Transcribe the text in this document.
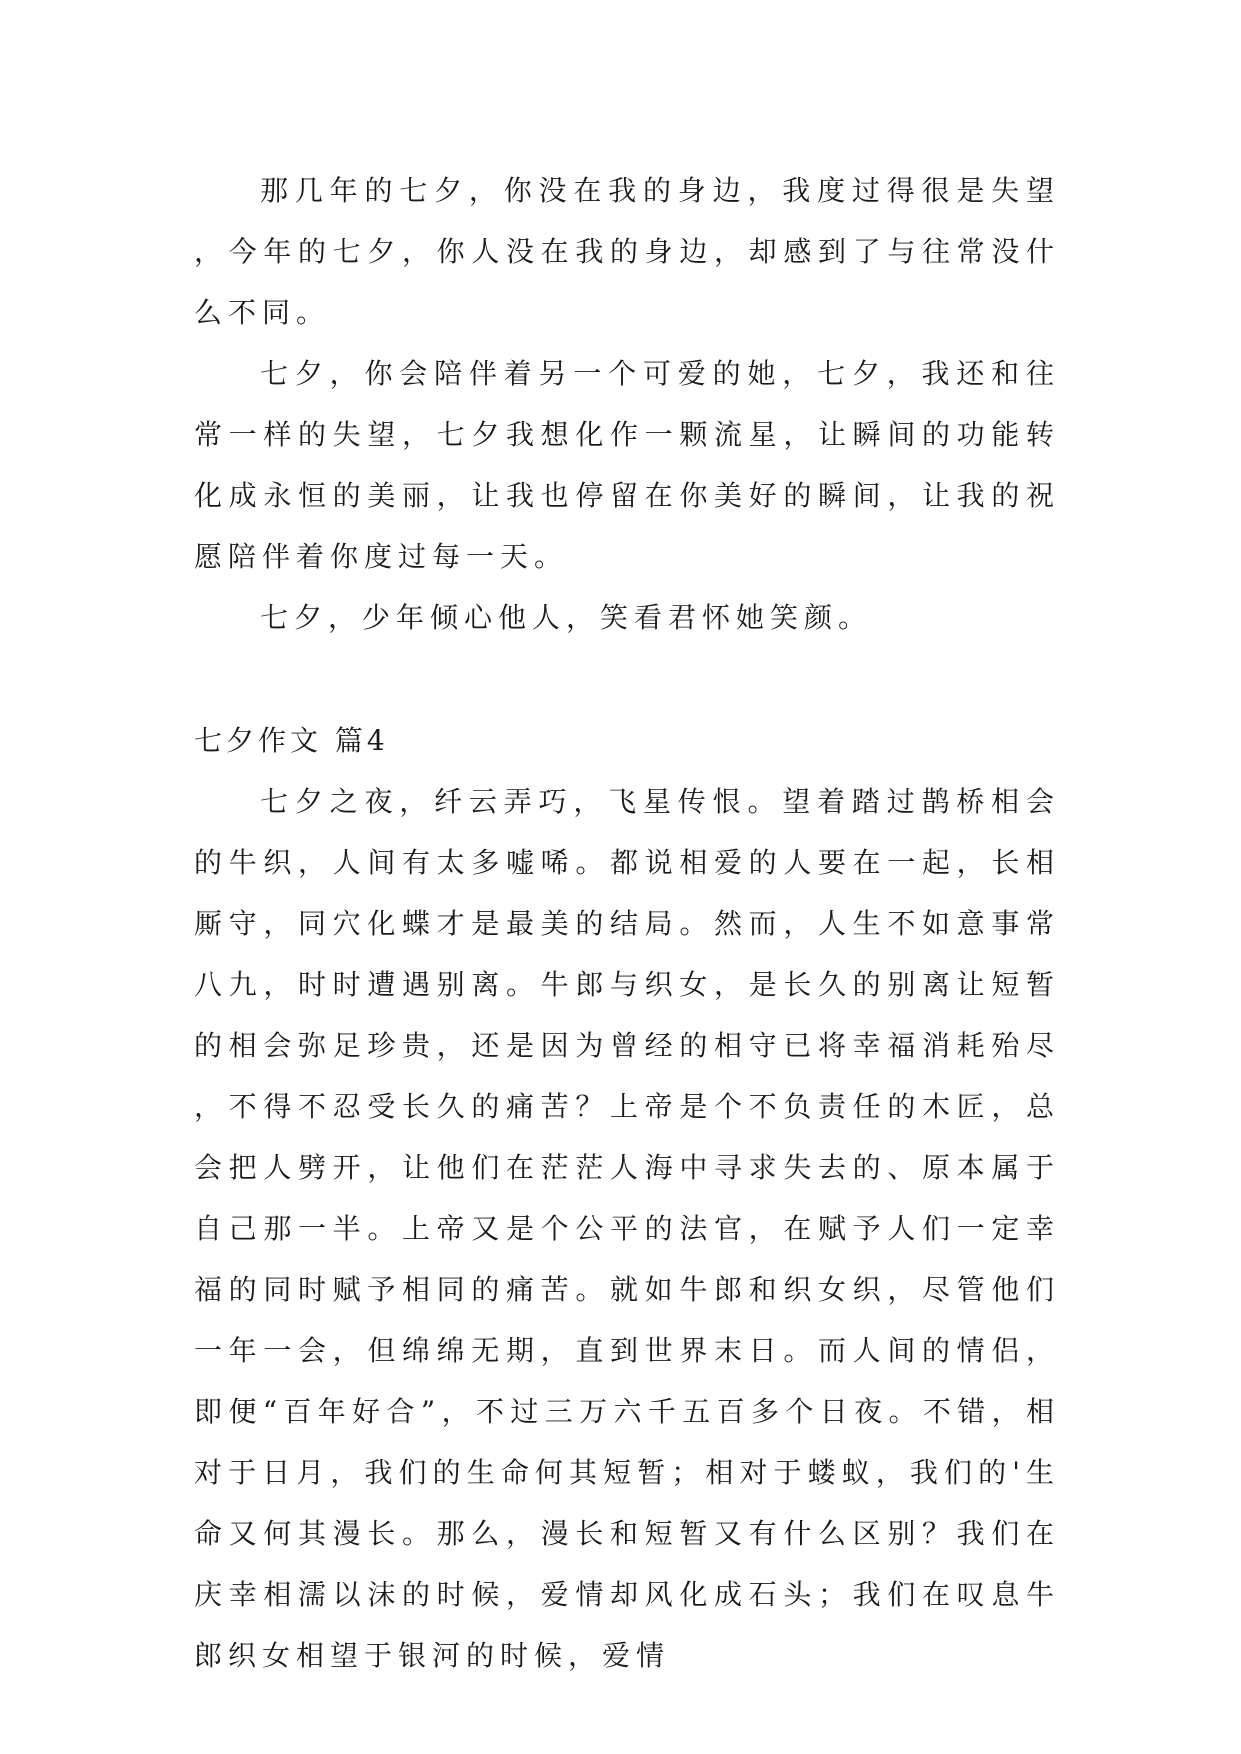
那几年的七夕，你没在我的身边，我度过得很是失望，今年的七夕，你人没在我的身边，却感到了与往常没什么不同。

七夕，你会陪伴着另一个可爱的她，七夕，我还和往常一样的失望，七夕我想化作一颗流星，让瞬间的功能转化成永恒的美丽，让我也停留在你美好的瞬间，让我的祝愿陪伴着你度过每一天。

七夕，少年倾心他人，笑看君怀她笑颜。

七夕作文 篇4

七夕之夜，纤云弄巧，飞星传恨。望着踏过鹊桥相会的牛织，人间有太多嘘唏。都说相爱的人要在一起，长相厮守，同穴化蝶才是最美的结局。然而，人生不如意事常八九，时时遭遇别离。牛郎与织女，是长久的别离让短暂的相会弥足珍贵，还是因为曾经的相守已将幸福消耗殆尽，不得不忍受长久的痛苦？上帝是个不负责任的木匠，总会把人劈开，让他们在茫茫人海中寻求失去的、原本属于自己那一半。上帝又是个公平的法官，在赋予人们一定幸福的同时赋予相同的痛苦。就如牛郎和织女织，尽管他们一年一会，但绵绵无期，直到世界末日。而人间的情侣，即便“百年好合”，不过三万六千五百多个日夜。不错，相对于日月，我们的生命何其短暂；相对于蝼蚁，我们的'生命又何其漫长。那么，漫长和短暂又有什么区别？我们在庆幸相濡以沫的时候，爱情却风化成石头；我们在叹息牛郎织女相望于银河的时候，爱情
